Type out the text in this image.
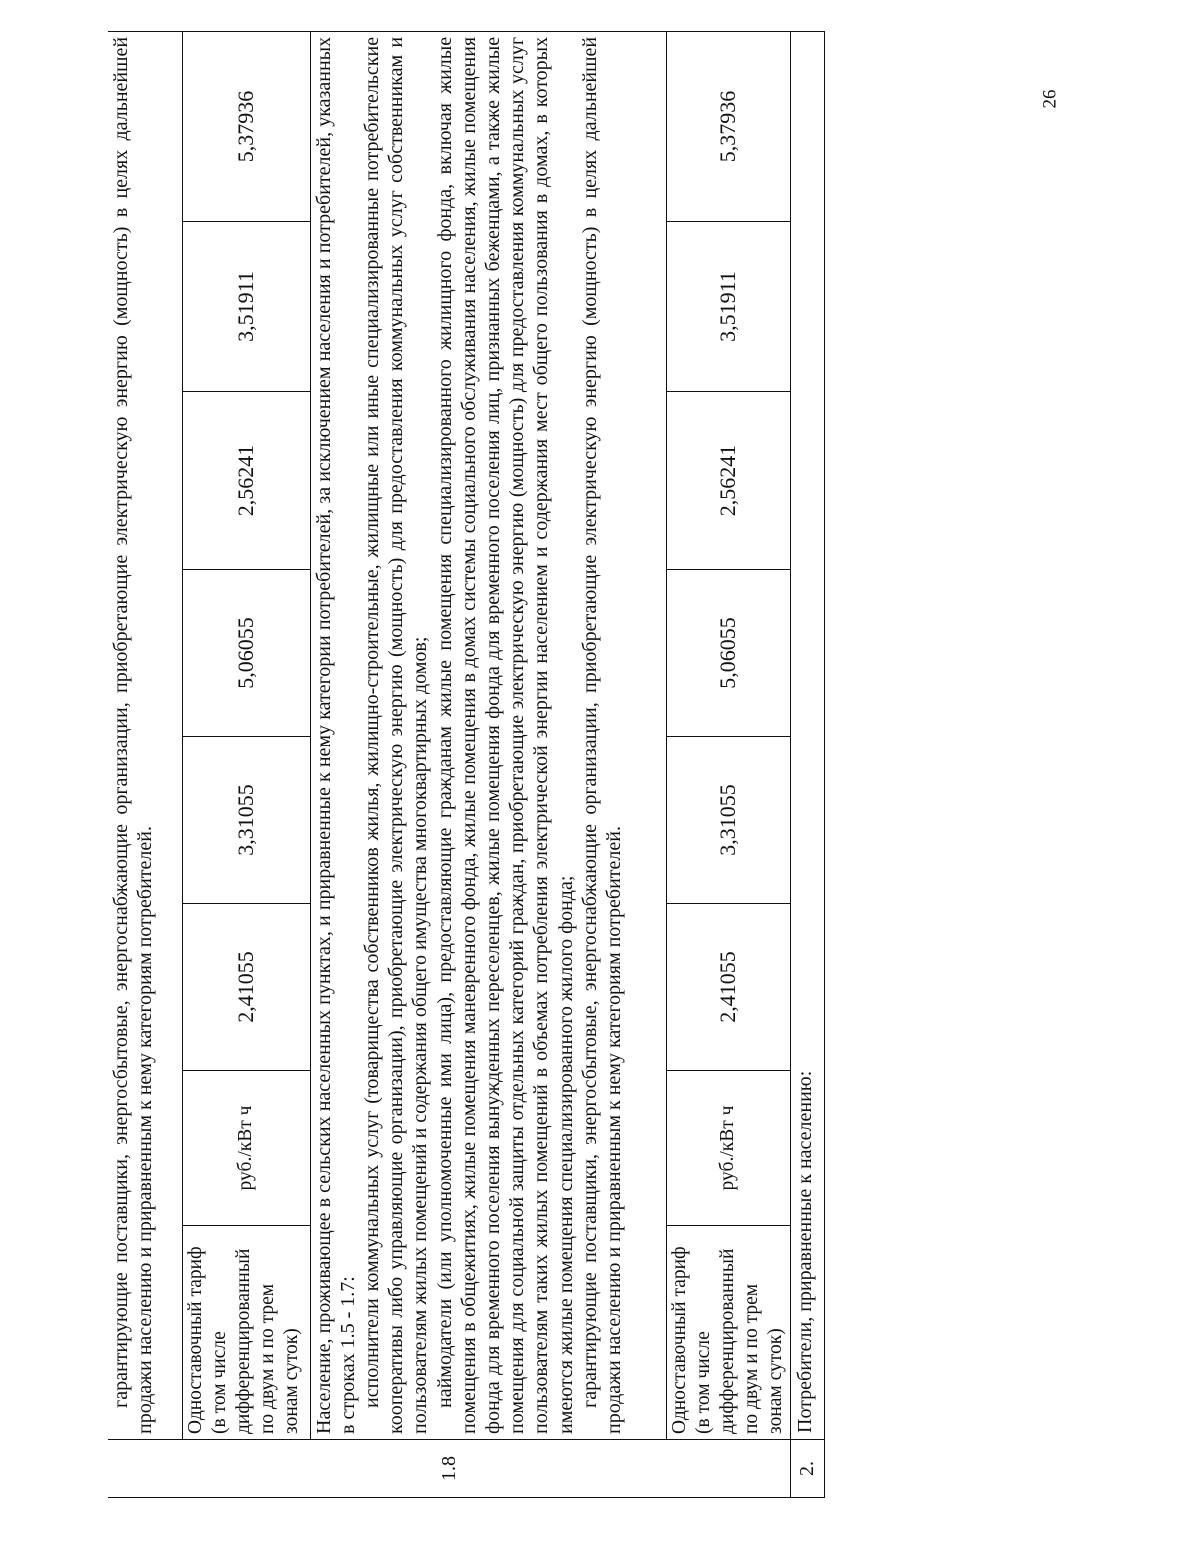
26
1.8	гарантирующие поставщики, энергосбытовые, энергоснабжающие организации, приобретающие электрическую энергию (мощность) в целях дальнейшей продажи населению и приравненным к нему категориям потребителей.							

	Одноставочный тариф (в том числе дифференцированный по двум и по трем зонам суток)	руб./кВт ч	2,41055	3,31055	5,06055	2,56241	3,51911	5,37936

	Население, проживающее в сельских населенных пунктах, и приравненные к нему категории потребителей, за исключением населения и потребителей, указанных в строках 1.5 - 1.7: исполнители коммунальных услуг (товарищества собственников жилья, жилищно-строительные, жилищные или иные специализированные потребительские кооперативы либо управляющие организации), приобретающие электрическую энергию (мощность) для предоставления коммунальных услуг собственникам и пользователям жилых помещений и содержания общего имущества многоквартирных домов; наймодатели (или уполномоченные ими лица), предоставляющие гражданам жилые помещения специализированного жилищного фонда, включая жилые помещения в общежитиях, жилые помещения маневренного фонда, жилые помещения в домах системы социального обслуживания населения, жилые помещения фонда для временного поселения вынужденных переселенцев, жилые помещения фонда для временного поселения лиц, признанных беженцами, а также жилые помещения для социальной защиты отдельных категорий граждан, приобретающие электрическую энергию (мощность) для предоставления коммунальных услуг пользователям таких жилых помещений в объемах потребления электрической энергии населением и содержания мест общего пользования в домах, в которых имеются жилые помещения специализированного жилого фонда; гарантирующие поставщики, энергосбытовые, энергоснабжающие организации, приобретающие электрическую энергию (мощность) в целях дальнейшей продажи населению и приравненным к нему категориям потребителей.							

	Одноставочный тариф (в том числе дифференцированный по двум и по трем зонам суток)	руб./кВт ч	2,41055	3,31055	5,06055	2,56241	3,51911	5,37936

2.	Потребители, приравненные к населению:							
